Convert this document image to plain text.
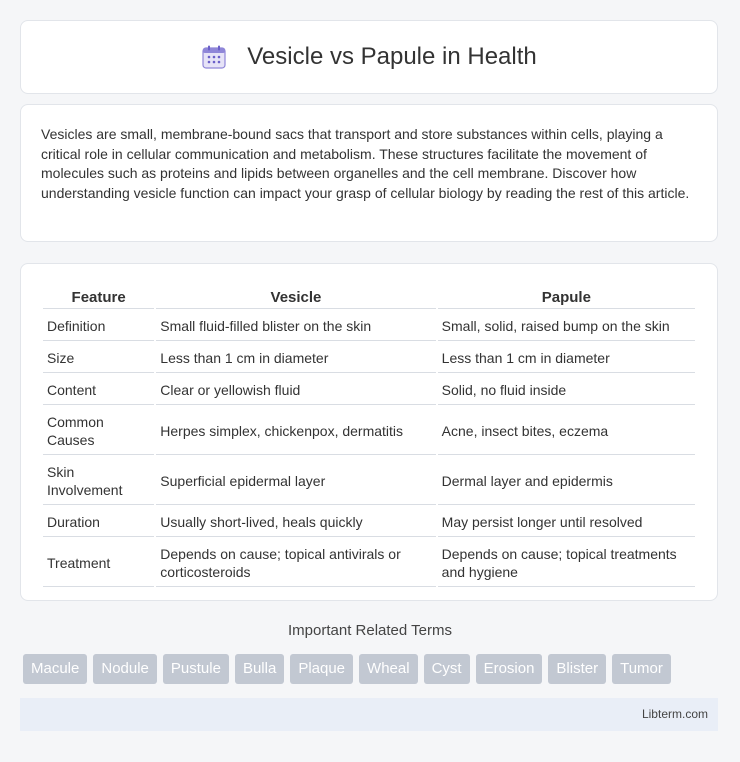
Vesicle vs Papule in Health

Vesicles are small, membrane-bound sacs that transport and store substances within cells, playing a critical role in cellular communication and metabolism. These structures facilitate the movement of molecules such as proteins and lipids between organelles and the cell membrane. Discover how understanding vesicle function can impact your grasp of cellular biology by reading the rest of this article.

Feature	Vesicle	Papule
Definition	Small fluid-filled blister on the skin	Small, solid, raised bump on the skin
Size	Less than 1 cm in diameter	Less than 1 cm in diameter
Content	Clear or yellowish fluid	Solid, no fluid inside
Common Causes	Herpes simplex, chickenpox, dermatitis	Acne, insect bites, eczema
Skin Involvement	Superficial epidermal layer	Dermal layer and epidermis
Duration	Usually short-lived, heals quickly	May persist longer until resolved
Treatment	Depends on cause; topical antivirals or corticosteroids	Depends on cause; topical treatments and hygiene
Important Related Terms
Macule	Nodule	Pustule	Bulla	Plaque	Wheal	Cyst	Erosion	Blister	Tumor
Libterm.com
